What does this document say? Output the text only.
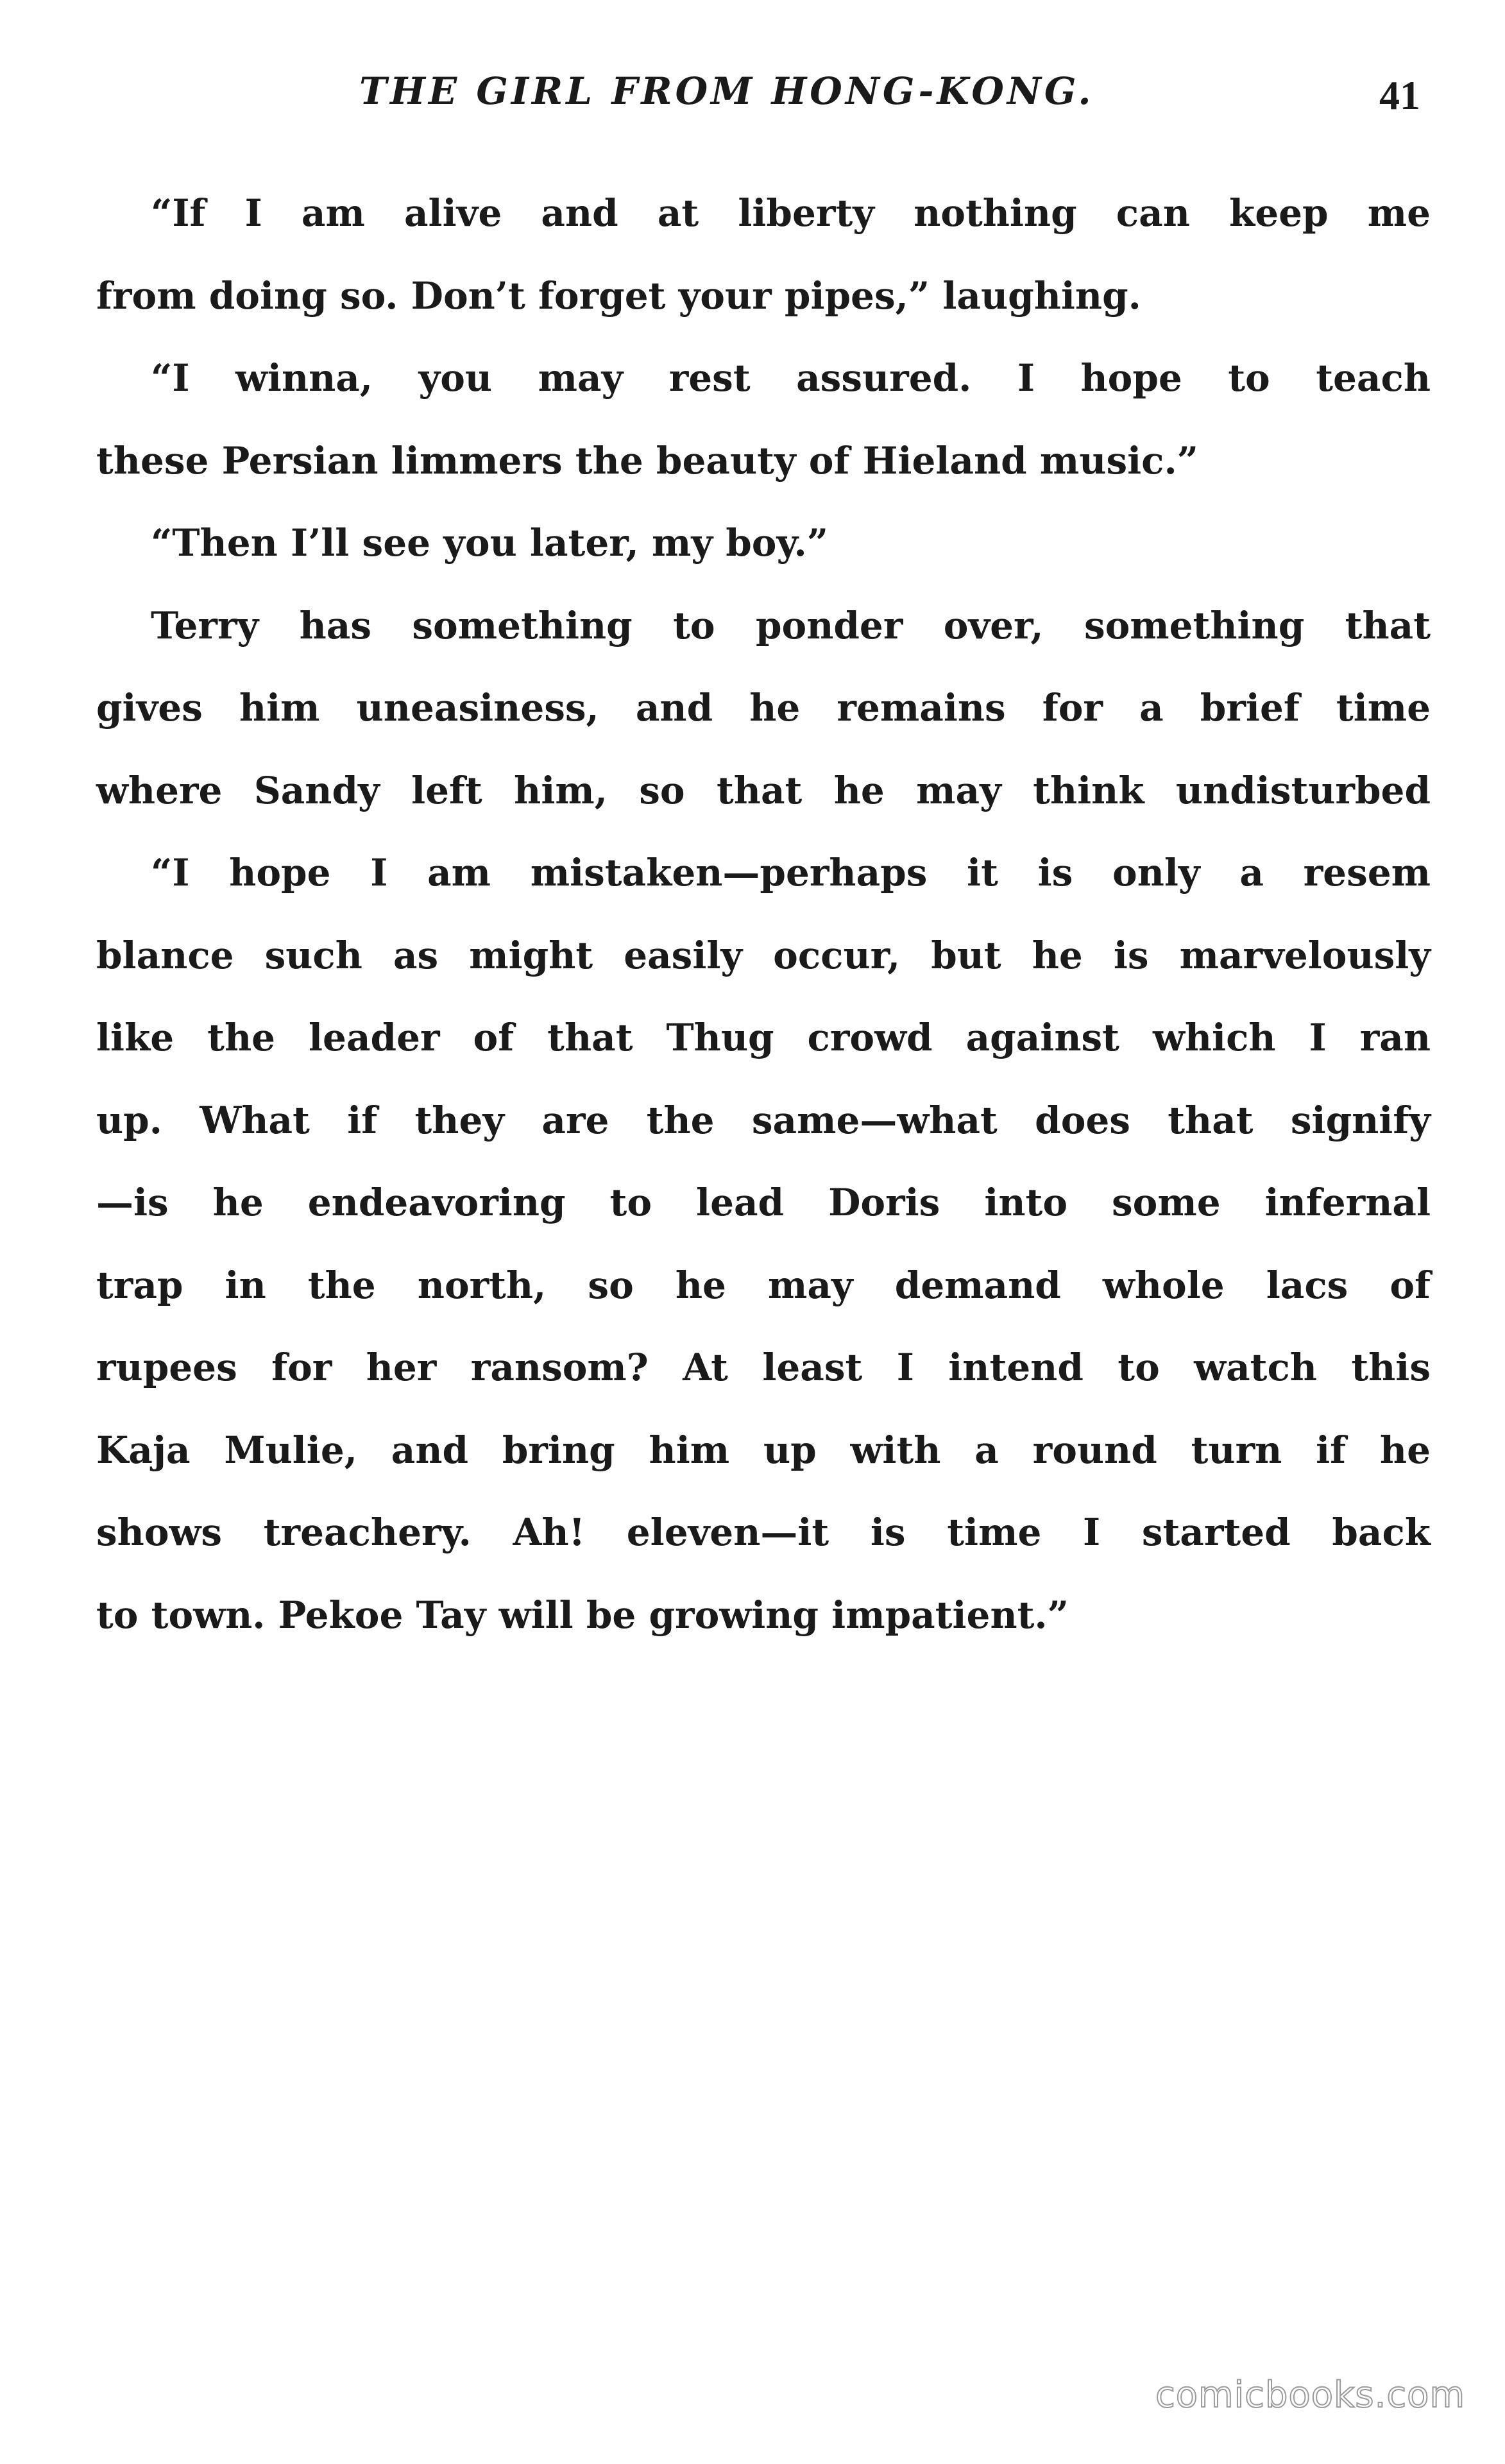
THE GIRL FROM HONG-KONG.	41
“If I am alive and at liberty nothing can keep me
from doing so. Don’t forget your pipes,” laughing.
“I winna, you may rest assured. I hope to teach
these Persian limmers the beauty of Hieland music.”
“Then I’ll see you later, my boy.”
Terry has something to ponder over, something that
gives him uneasiness, and he remains for a brief time
where Sandy left him, so that he may think undisturbed
“I hope I am mistaken—perhaps it is only a resem
blance such as might easily occur, but he is marvelously
like the leader of that Thug crowd against which I ran
up. What if they are the same—what does that signify
—is he endeavoring to lead Doris into some infernal
trap in the north, so he may demand whole lacs of
rupees for her ransom? At least I intend to watch this
Kaja Mulie, and bring him up with a round turn if he
shows treachery. Ah! eleven—it is time I started back
to town. Pekoe Tay will be growing impatient.”
comicbooks.com
